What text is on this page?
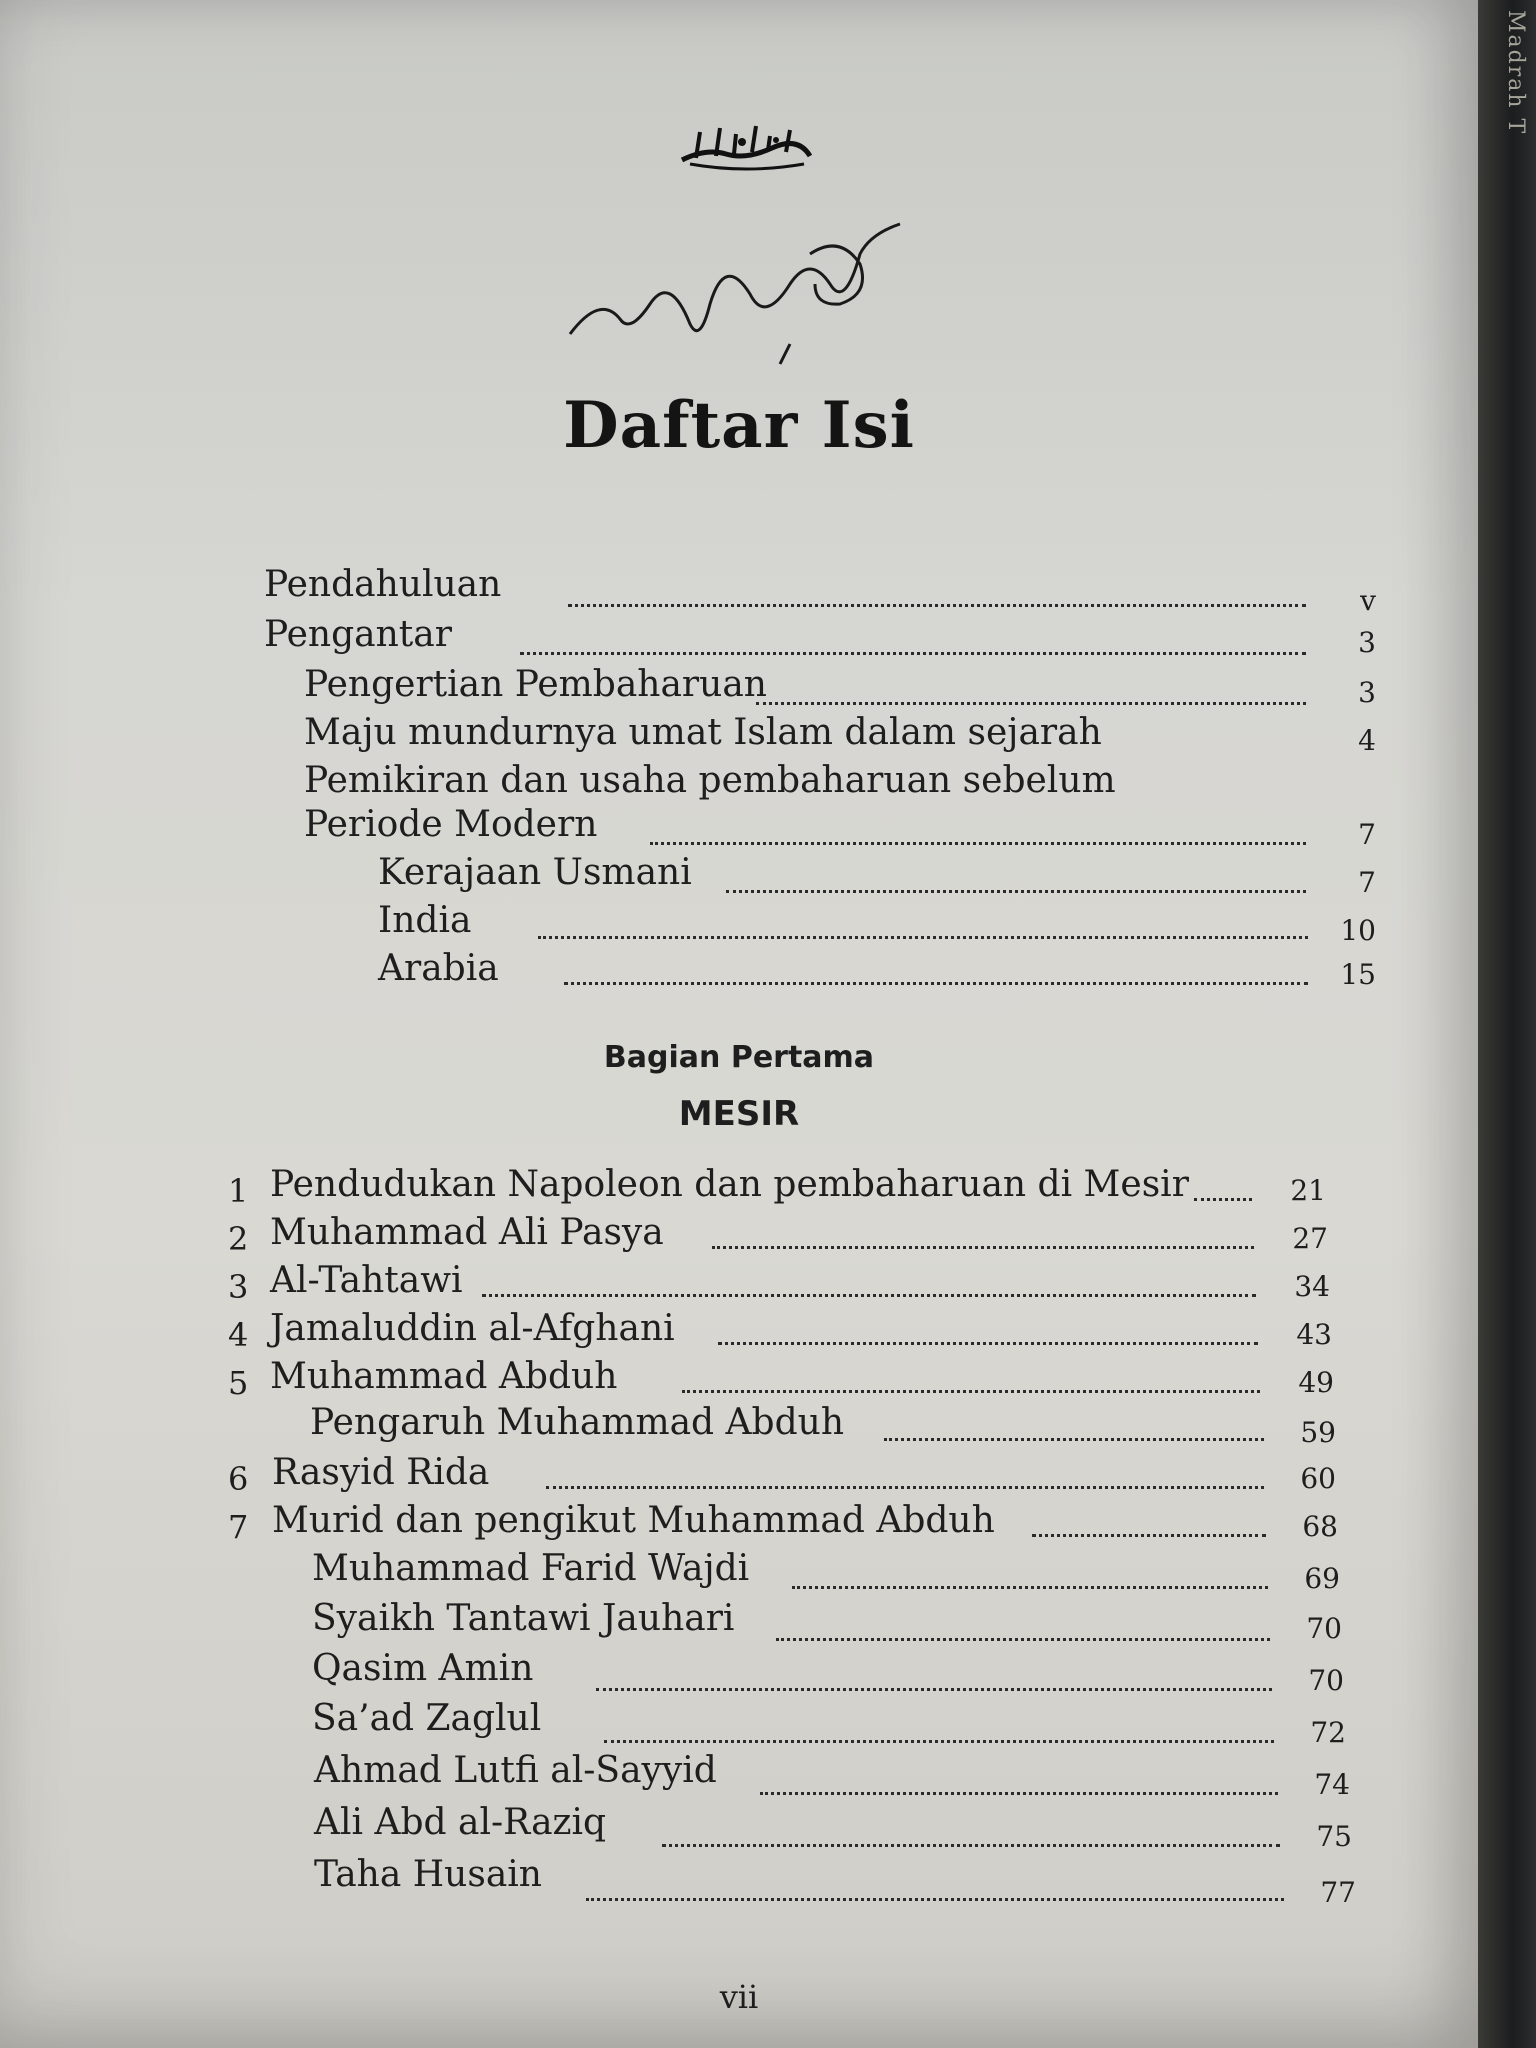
Daftar Isi
Pendahuluan	v
Pengantar	3
Pengertian Pembaharuan	3
Maju mundurnya umat Islam dalam sejarah	4
Pemikiran dan usaha pembaharuan sebelum
Periode Modern	7
Kerajaan Usmani	7
India	10
Arabia	15
Bagian Pertama
MESIR
1 Pendudukan Napoleon dan pembaharuan di Mesir	21
2 Muhammad Ali Pasya	27
3 Al-Tahtawi	34
4 Jamaluddin al-Afghani	43
5 Muhammad Abduh	49
Pengaruh Muhammad Abduh	59
6 Rasyid Rida	60
7 Murid dan pengikut Muhammad Abduh	68
Muhammad Farid Wajdi	69
Syaikh Tantawi Jauhari	70
Qasim Amin	70
Sa’ad Zaglul	72
Ahmad Lutfi al-Sayyid	74
Ali Abd al-Raziq	75
Taha Husain	77
vii
Madrah T
